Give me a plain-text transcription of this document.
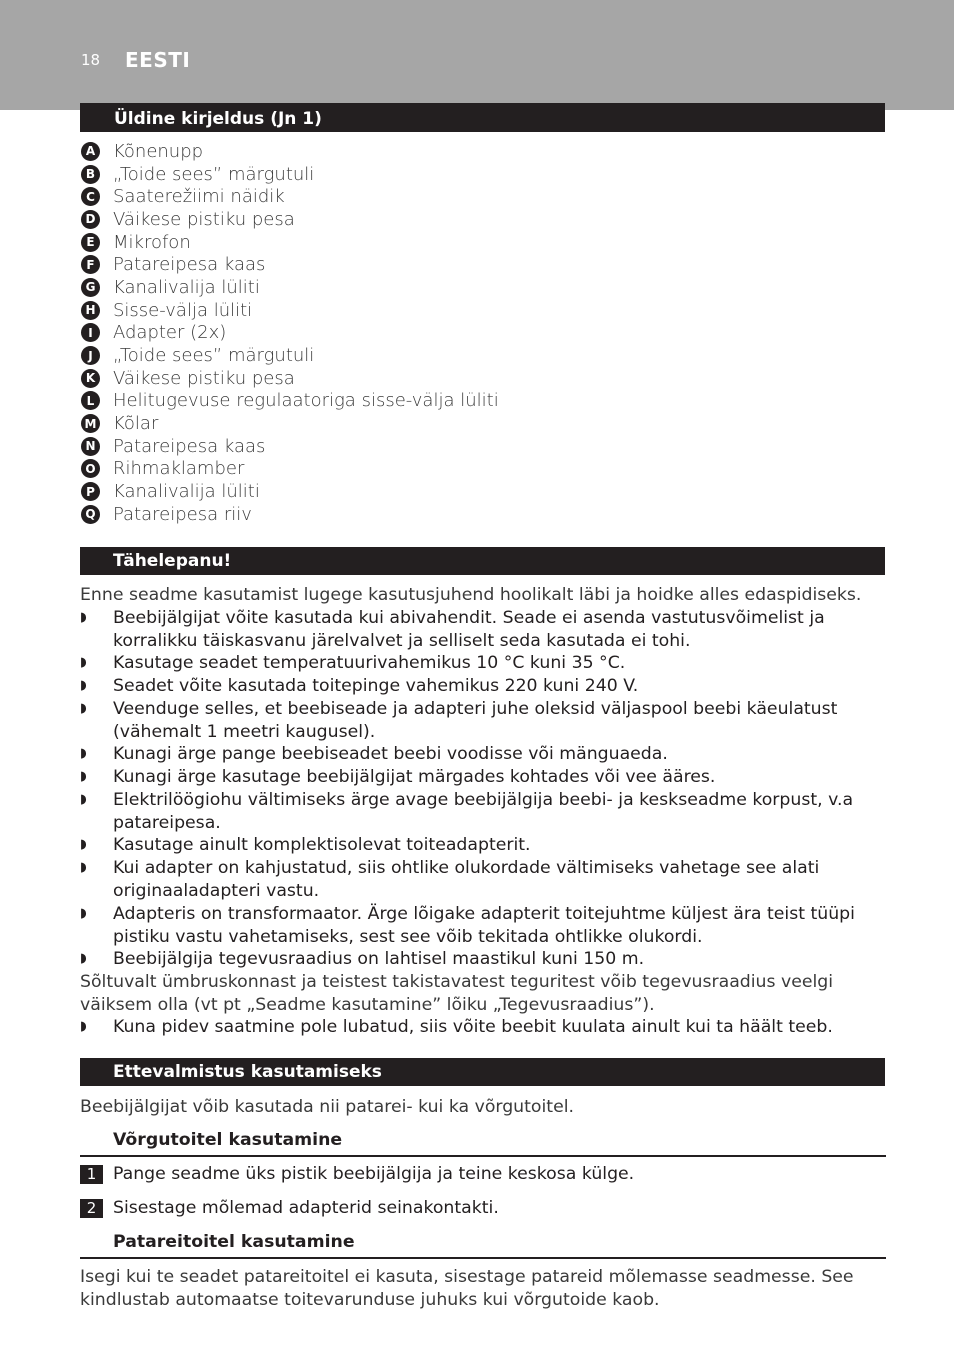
18 EESTI
Üldine kirjeldus (Jn 1)
A Kõnenupp
B „Toide sees” märgutuli
C Saaterežiimi näidik
D Väikese pistiku pesa
E	Mikrofon
F	Patareipesa kaas
G Kanalivalija lüliti
H Sisse-välja lüliti
I	Adapter (2x)
J	„Toide sees” märgutuli
K Väikese pistiku pesa
L	Helitugevuse regulaatoriga sisse-välja lüliti
M Kõlar
N Patareipesa kaas
O Rihmaklamber
P Kanalivalija lüliti
Q Patareipesa riiv
Tähelepanu!
Enne seadme kasutamist lugege kasutusjuhend hoolikalt läbi ja hoidke alles edaspidiseks.
◗ Beebijälgijat võite kasutada kui abivahendit. Seade ei asenda vastutusvõimelist ja korralikku täiskasvanu järelvalvet ja selliselt seda kasutada ei tohi.
◗ Kasutage seadet temperatuurivahemikus 10 °C kuni 35 °C.
◗ Seadet võite kasutada toitepinge vahemikus 220 kuni 240 V.
◗ Veenduge selles, et beebiseade ja adapteri juhe oleksid väljaspool beebi käeulatust (vähemalt 1 meetri kaugusel).
◗ Kunagi ärge pange beebiseadet beebi voodisse või mänguaeda.
◗ Kunagi ärge kasutage beebijälgijat märgades kohtades või vee ääres.
◗ Elektrilöögiohu vältimiseks ärge avage beebijälgija beebi- ja keskseadme korpust, v.a patareipesa.
◗ Kasutage ainult komplektisolevat toiteadapterit.
◗ Kui adapter on kahjustatud, siis ohtlike olukordade vältimiseks vahetage see alati originaaladapteri vastu.
◗ Adapteris on transformaator. Ärge lõigake adapterit toitejuhtme küljest ära teist tüüpi pistiku vastu vahetamiseks, sest see võib tekitada ohtlikke olukordi.
◗ Beebijälgija tegevusraadius on lahtisel maastikul kuni 150 m.
Sõltuvalt ümbruskonnast ja teistest takistavatest teguritest võib tegevusraadius veelgi väiksem olla (vt pt „Seadme kasutamine” lõiku „Tegevusraadius”).
◗ Kuna pidev saatmine pole lubatud, siis võite beebit kuulata ainult kui ta häält teeb.
Ettevalmistus kasutamiseks
Beebijälgijat võib kasutada nii patarei- kui ka võrgutoitel.
Võrgutoitel kasutamine
1 Pange seadme üks pistik beebijälgija ja teine keskosa külge.
2 Sisestage mõlemad adapterid seinakontakti.
Patareitoitel kasutamine
Isegi kui te seadet patareitoitel ei kasuta, sisestage patareid mõlemasse seadmesse. See kindlustab automaatse toitevarunduse juhuks kui võrgutoide kaob.
